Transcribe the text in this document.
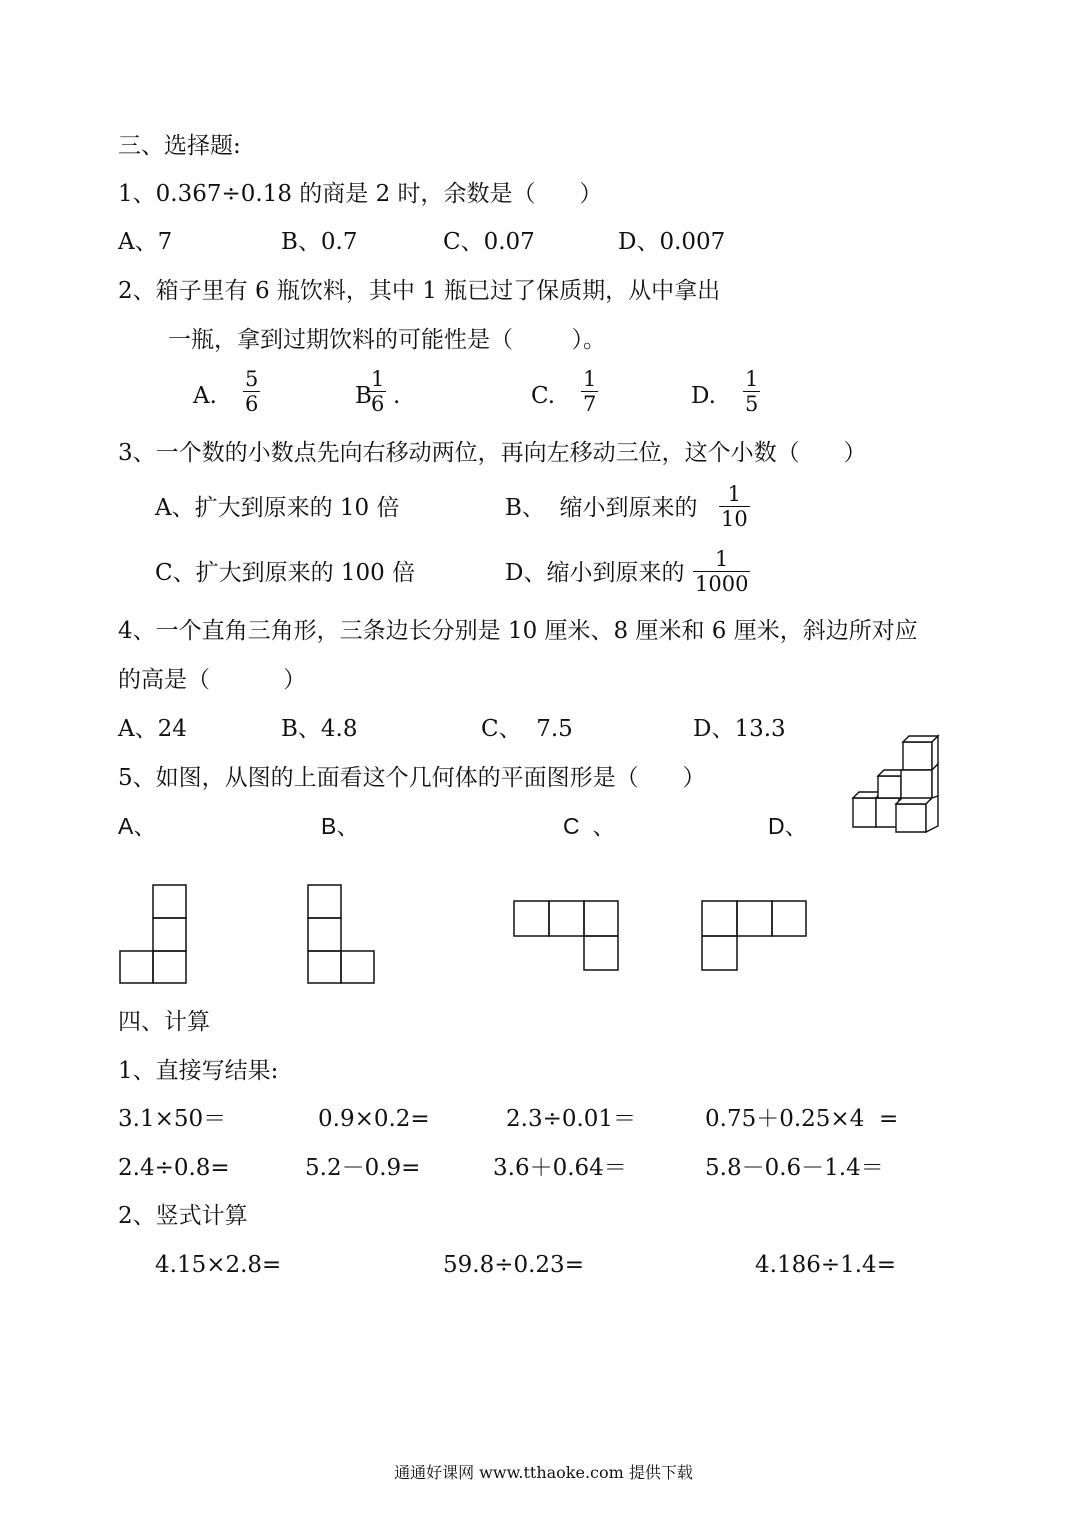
三、选择题:
1、0.367÷0.18 的商是 2 时，余数是（      ）
A、7	B、0.7	C、0.07	D、0.007
2、箱子里有 6 瓶饮料，其中 1 瓶已过了保质期，从中拿出
一瓶，拿到过期饮料的可能性是（        ）。
A. $\frac{5}{6}$	B
$\frac{1}{6}$ .	C. $\frac{1}{7}$	D. $\frac{1}{5}$
3、一个数的小数点先向右移动两位，再向左移动三位，这个小数（      ）
A、扩大到原来的 10 倍	B、  缩小到原来的 $\frac{1}{10}$
C、扩大到原来的 100 倍	D、缩小到原来的 $\frac{1}{1000}$
4、一个直角三角形，三条边长分别是 10 厘米、8 厘米和 6 厘米，斜边所对应
的高是（          ）
A、24	B、4.8	C、  7.5	D、13.3
5、如图，从图的上面看这个几何体的平面图形是（      ）
A、	B、	C  、	D、
四、计算
1、直接写结果:
3.1×50＝	0.9×0.2=	2.3÷0.01＝	0.75＋0.25×4  =
2.4÷0.8=	5.2－0.9=	3.6＋0.64＝	5.8－0.6－1.4＝
2、竖式计算
4.15×2.8=	59.8÷0.23=	4.186÷1.4=
通通好课网 www.tthaoke.com 提供下载
